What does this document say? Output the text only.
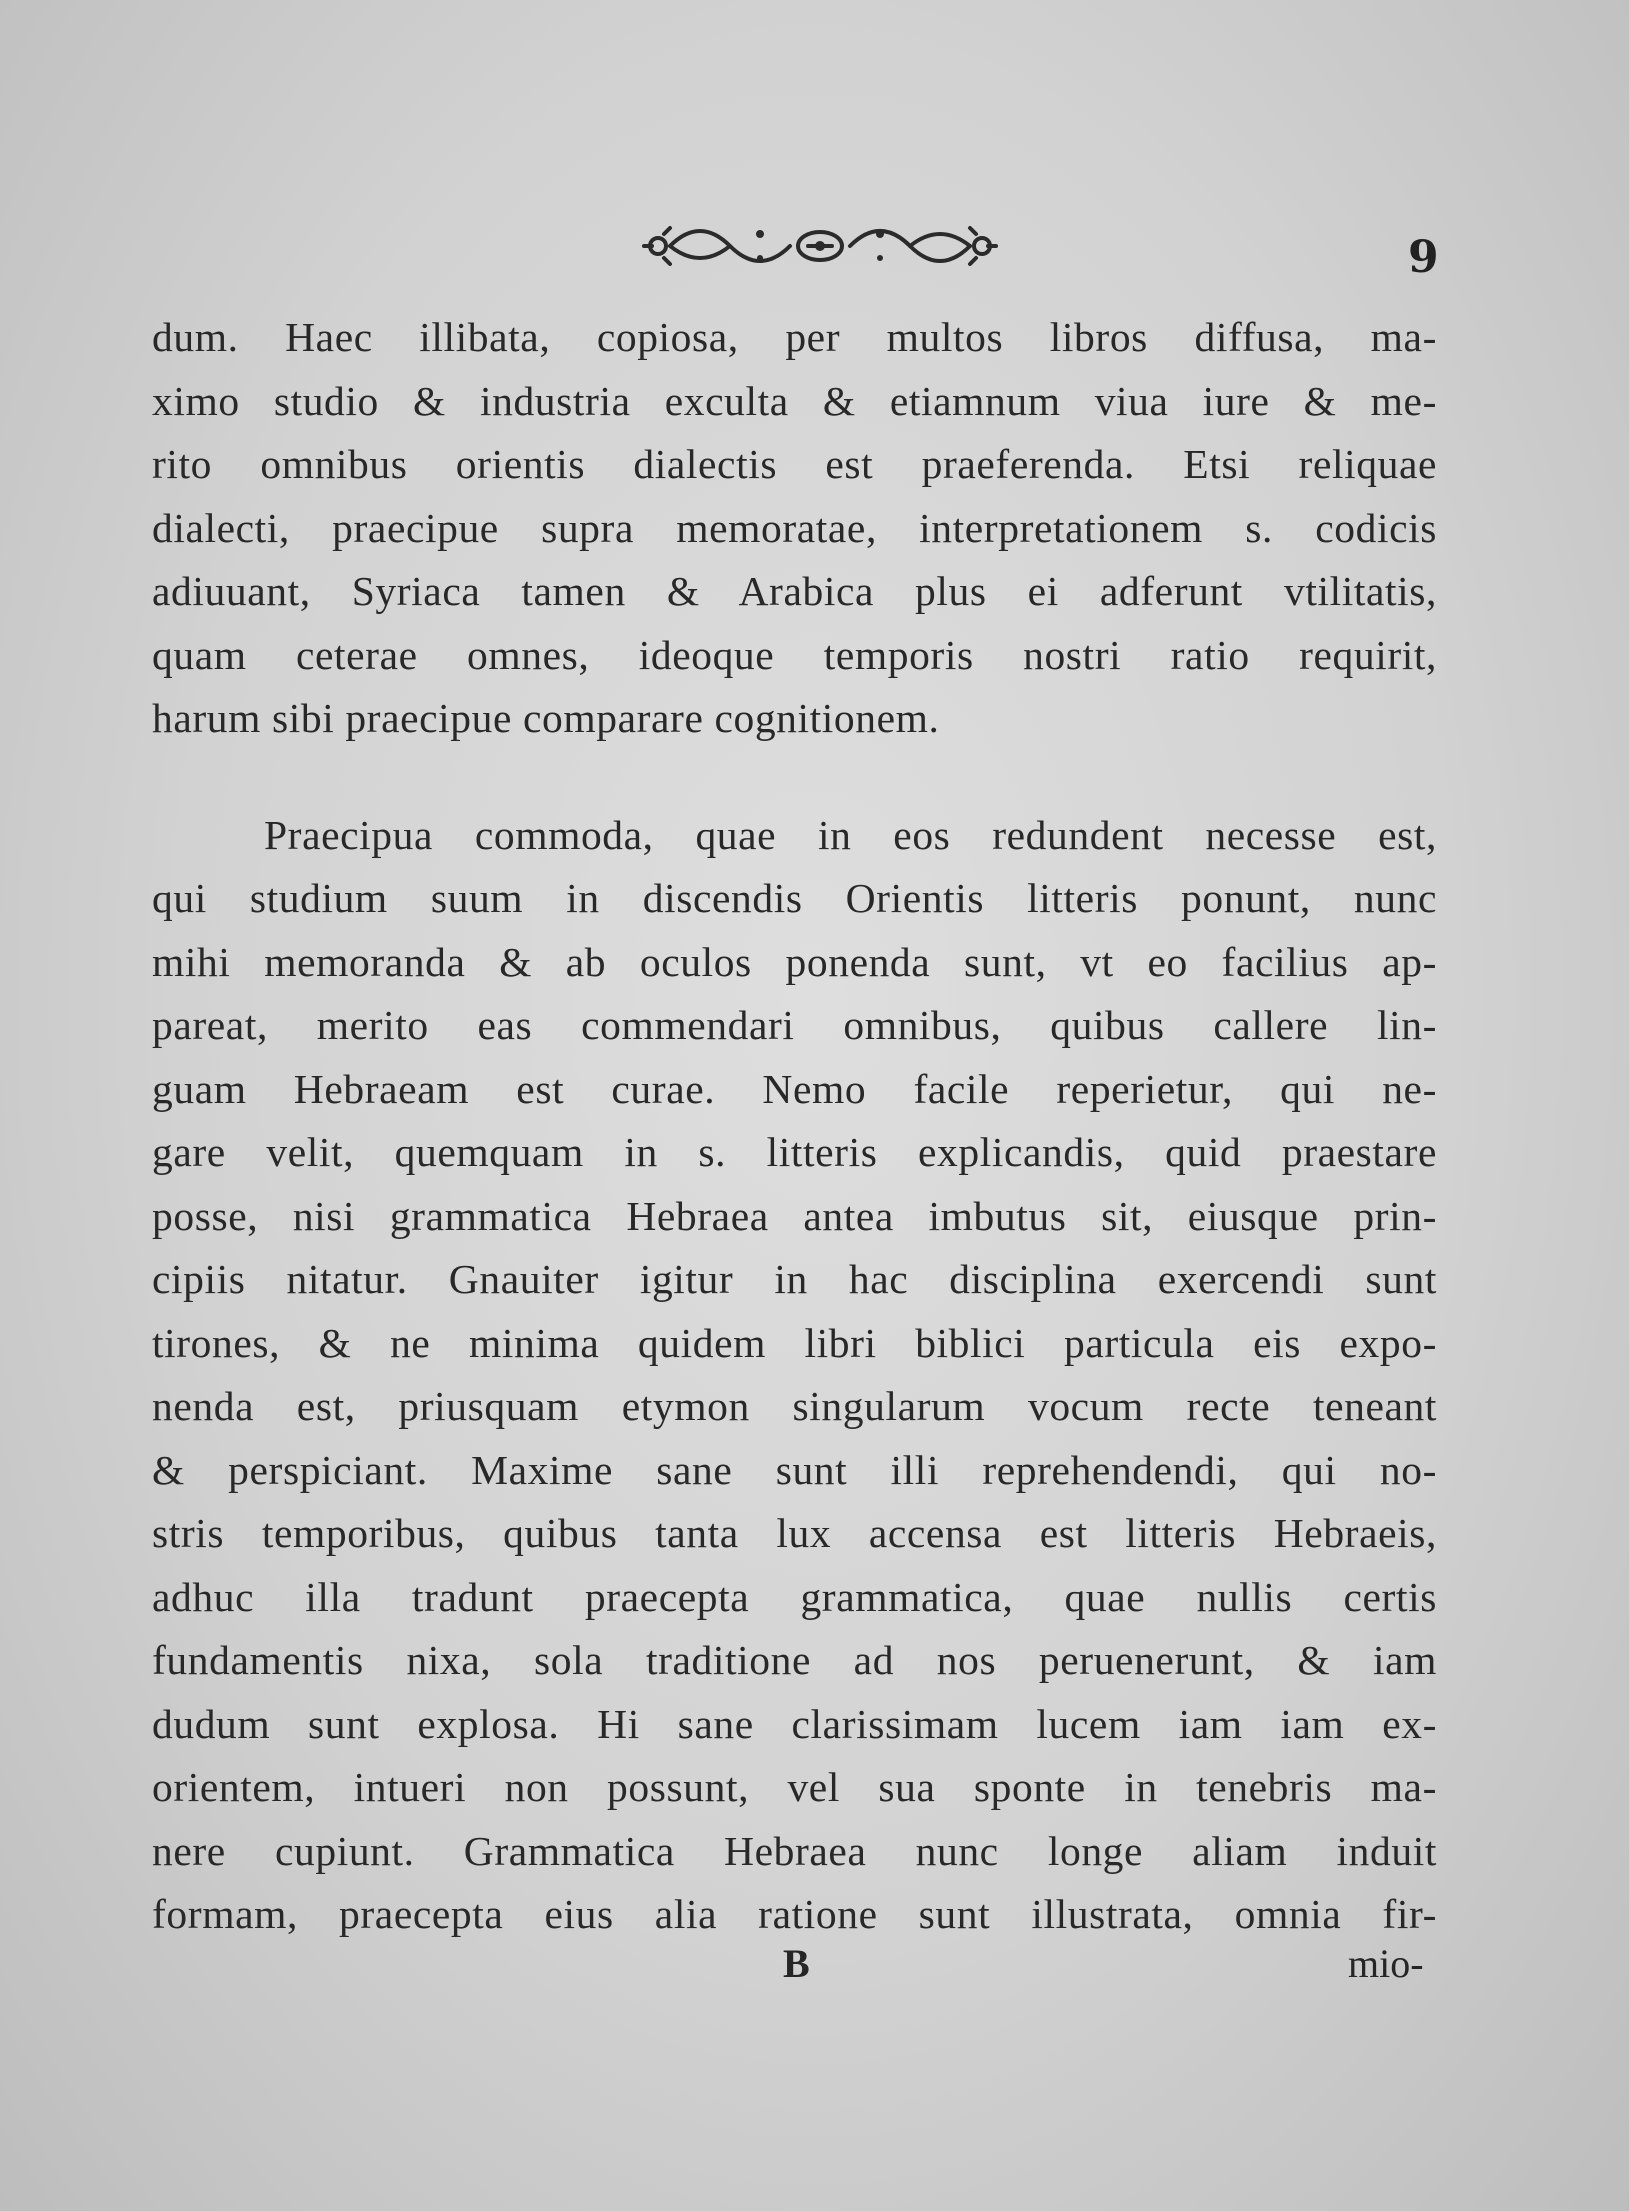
9
dum. Haec illibata, copiosa, per multos libros diffusa, ma-
ximo studio & industria exculta & etiamnum viua iure & me-
rito omnibus orientis dialectis est praeferenda. Etsi reliquae
dialecti, praecipue supra memoratae, interpretationem s. codicis
adiuuant, Syriaca tamen & Arabica plus ei adferunt vtilitatis,
quam ceterae omnes, ideoque temporis nostri ratio requirit,
harum sibi praecipue comparare cognitionem.
Praecipua commoda, quae in eos redundent necesse est,
qui studium suum in discendis Orientis litteris ponunt, nunc
mihi memoranda & ab oculos ponenda sunt, vt eo facilius ap-
pareat, merito eas commendari omnibus, quibus callere lin-
guam Hebraeam est curae. Nemo facile reperietur, qui ne-
gare velit, quemquam in s. litteris explicandis, quid praestare
posse, nisi grammatica Hebraea antea imbutus sit, eiusque prin-
cipiis nitatur. Gnauiter igitur in hac disciplina exercendi sunt
tirones, & ne minima quidem libri biblici particula eis expo-
nenda est, priusquam etymon singularum vocum recte teneant
& perspiciant. Maxime sane sunt illi reprehendendi, qui no-
stris temporibus, quibus tanta lux accensa est litteris Hebraeis,
adhuc illa tradunt praecepta grammatica, quae nullis certis
fundamentis nixa, sola traditione ad nos peruenerunt, & iam
dudum sunt explosa. Hi sane clarissimam lucem iam iam ex-
orientem, intueri non possunt, vel sua sponte in tenebris ma-
nere cupiunt. Grammatica Hebraea nunc longe aliam induit
formam, praecepta eius alia ratione sunt illustrata, omnia fir-
B	mio-
